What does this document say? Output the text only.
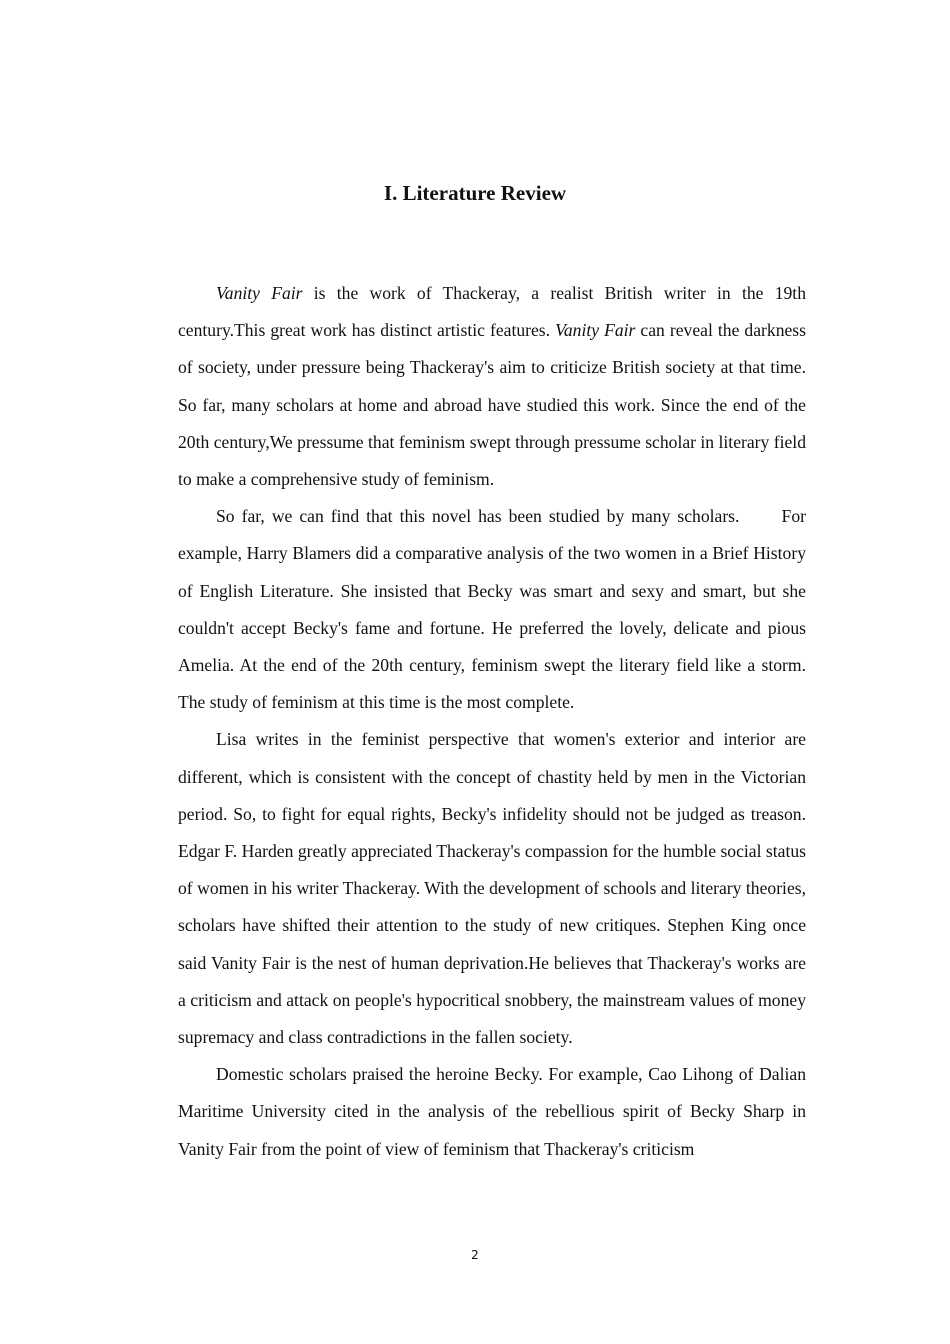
I. Literature Review

Vanity Fair is the work of Thackeray, a realist British writer in the 19th century.This great work has distinct artistic features. Vanity Fair can reveal the darkness of society, under pressure being Thackeray's aim to criticize British society at that time. So far, many scholars at home and abroad have studied this work. Since the end of the 20th century,We pressume that feminism swept through pressume scholar in literary field to make a comprehensive study of feminism.

So far, we can find that this novel has been studied by many scholars.      For example, Harry Blamers did a comparative analysis of the two women in a Brief History of English Literature. She insisted that Becky was smart and sexy and smart, but she couldn't accept Becky's fame and fortune. He preferred the lovely, delicate and pious Amelia. At the end of the 20th century, feminism swept the literary field like a storm. The study of feminism at this time is the most complete.

Lisa writes in the feminist perspective that women's exterior and interior are different, which is consistent with the concept of chastity held by men in the Victorian period. So, to fight for equal rights, Becky's infidelity should not be judged as treason. Edgar F. Harden greatly appreciated Thackeray's compassion for the humble social status of women in his writer Thackeray. With the development of schools and literary theories, scholars have shifted their attention to the study of new critiques. Stephen King once said Vanity Fair is the nest of human deprivation.He believes that Thackeray's works are a criticism and attack on people's hypocritical snobbery, the mainstream values of money supremacy and class contradictions in the fallen society.

Domestic scholars praised the heroine Becky. For example, Cao Lihong of Dalian Maritime University cited in the analysis of the rebellious spirit of Becky Sharp in Vanity Fair from the point of view of feminism that Thackeray's criticism

2
